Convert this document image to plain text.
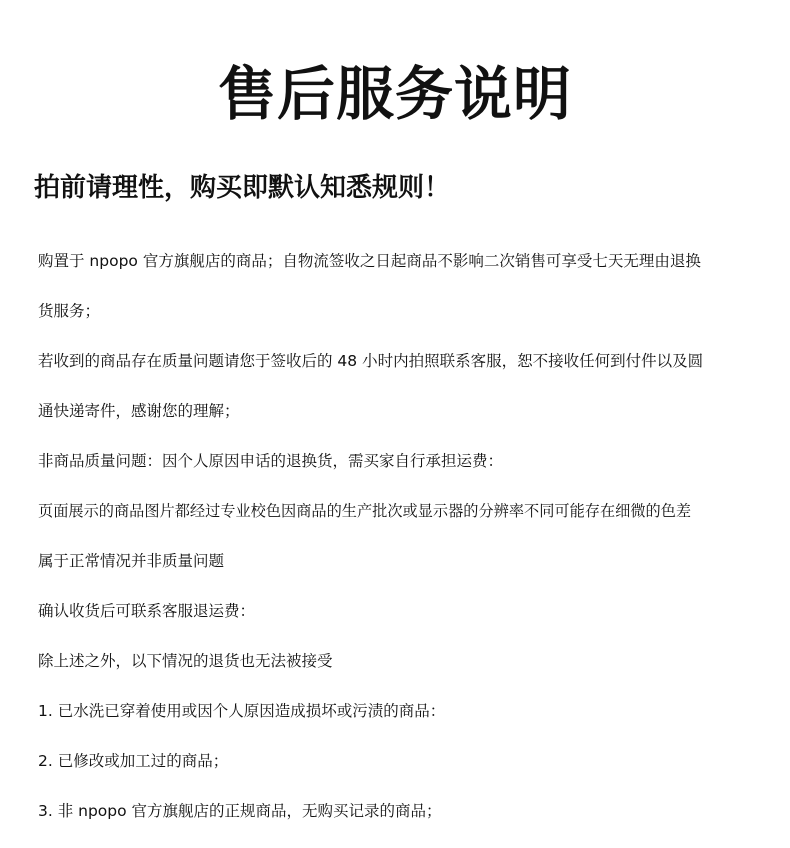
售后服务说明
拍前请理性，购买即默认知悉规则！

购置于 npopo 官方旗舰店的商品；自物流签收之日起商品不影响二次销售可享受七天无理由退换

货服务；

若收到的商品存在质量问题请您于签收后的 48 小时内拍照联系客服，恕不接收任何到付件以及圆

通快递寄件，感谢您的理解；

非商品质量问题：因个人原因申话的退换货，需买家自行承担运费：

页面展示的商品图片都经过专业校色因商品的生产批次或显示器的分辨率不同可能存在细微的色差

属于正常情况并非质量问题

确认收货后可联系客服退运费：

除上述之外，以下情况的退货也无法被接受

1. 已水洗已穿着使用或因个人原因造成损坏或污渍的商品：

2. 已修改或加工过的商品；

3. 非 npopo 官方旗舰店的正规商品，无购买记录的商品；
